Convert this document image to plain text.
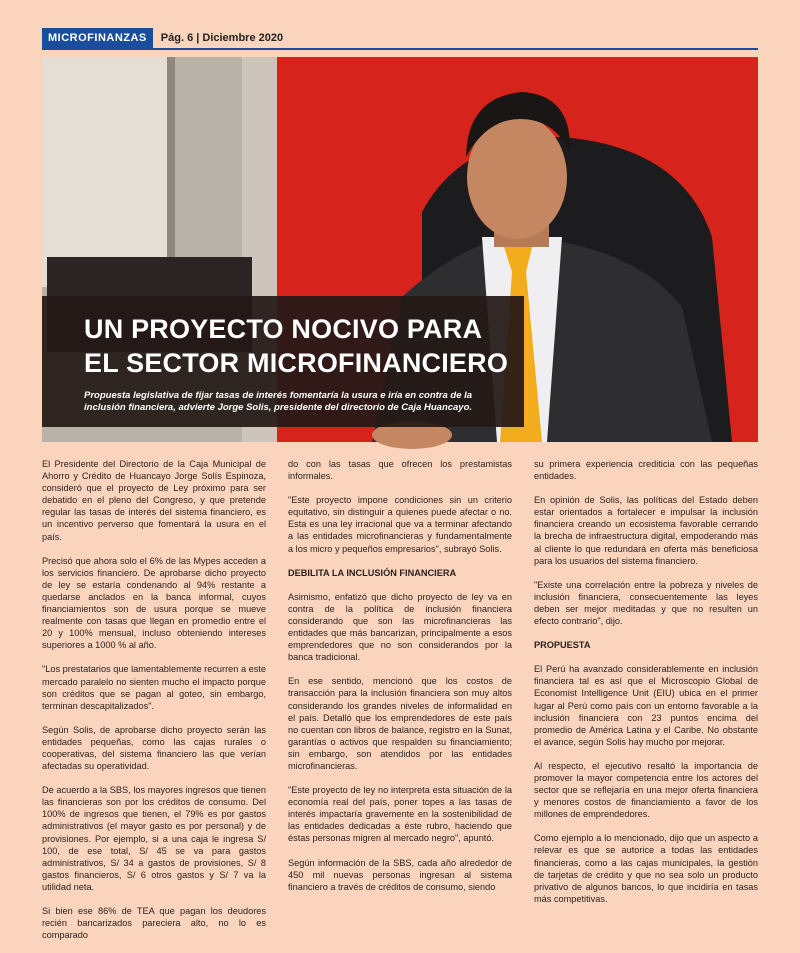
MICROFINANZAS	Pág. 6 | Diciembre 2020
UN PROYECTO NOCIVO PARA
EL SECTOR MICROFINANCIERO
Propuesta legislativa de fijar tasas de interés fomentaría la usura e iría en contra de la inclusión financiera, advierte Jorge Solis, presidente del directorio de Caja Huancayo.

El Presidente del Directorio de la Caja Municipal de Ahorro y Crédito de Huancayo Jorge Solís Espinoza, consideró que el proyecto de Ley próximo para ser debatido en el pleno del Congreso, y que pretende regular las tasas de interés del sistema financiero, es un incentivo perverso que fomentará la usura en el país.

Precisó que ahora solo el 6% de las Mypes acceden a los servicios financiero. De aprobarse dicho proyecto de ley se estaría condenando al 94% restante a quedarse anclados en la banca informal, cuyos financiamientos son de usura porque se mueve realmente con tasas que llegan en promedio entre el 20 y 100% mensual, incluso obteniendo intereses superiores a 1000 % al año.

"Los prestatarios que lamentablemente recurren a este mercado paralelo no sienten mucho el impacto porque son créditos que se pagan al goteo, sin embargo, terminan descapitalizados".

Según Solis, de aprobarse dicho proyecto serán las entidades pequeñas, como las cajas rurales o cooperativas, del sistema financiero las que verían afectadas su operatividad.

De acuerdo a la SBS, los mayores ingresos que tienen las financieras son por los créditos de consumo. Del 100% de ingresos que tienen, el 79% es por gastos administrativos (el mayor gasto es por personal) y de provisiones. Por ejemplo, si a una caja le ingresa S/ 100, de ese total, S/ 45 se va para gastos administrativos, S/ 34 a gastos de provisiones, S/ 8 gastos financieros, S/ 6 otros gastos y S/ 7 va la utilidad neta.

Si bien ese 86% de TEA que pagan los deudores recién bancarizados pareciera alto, no lo es comparado

do con las tasas que ofrecen los prestamistas informales.

"Este proyecto impone condiciones sin un criterio equitativo, sin distinguir a quienes puede afectar o no. Esta es una ley irracional que va a terminar afectando a las entidades microfinancieras y fundamentalmente a los micro y pequeños empresarios", subrayó Solis.

DEBILITA LA INCLUSIÓN FINANCIERA

Asimismo, enfatizó que dicho proyecto de ley va en contra de la política de inclusión financiera considerando que son las microfinancieras las entidades que más bancarizan, principalmente a esos emprendedores que no son considerandos por la banca tradicional.

En ese sentido, mencionó que los costos de transacción para la inclusión financiera son muy altos considerando los grandes niveles de informalidad en el país. Detalló que los emprendedores de este país no cuentan con libros de balance, registro en la Sunat, garantías o activos que respalden su financiamiento; sin embargo, son atendidos por las entidades microfinancieras.

"Este proyecto de ley no interpreta esta situación de la economía real del país, poner topes a las tasas de interés impactaría gravemente en la sostenibilidad de las entidades dedicadas a éste rubro, haciendo que éstas personas migren al mercado negro", apuntó.

Según información de la SBS, cada año alrededor de 450 mil nuevas personas ingresan al sistema financiero a través de créditos de consumo, siendo

su primera experiencia crediticia con las pequeñas entidades.

En opinión de Solis, las políticas del Estado deben estar orientados a fortalecer e impulsar la inclusión financiera creando un ecosistema favorable cerrando la brecha de infraestructura digital, empoderando más al cliente lo que redundará en oferta más beneficiosa para los usuarios del sistema financiero.

"Existe una correlación entre la pobreza y niveles de inclusión financiera, consecuentemente las leyes deben ser mejor meditadas y que no resulten un efecto contrario", dijo.

PROPUESTA

El Perú ha avanzado considerablemente en inclusión financiera tal es así que el Microscopio Global de Economist Intelligence Unit (EIU) ubica en el primer lugar al Perú como país con un entorno favorable a la inclusión financiera con 23 puntos encima del promedio de América Latina y el Caribe. No obstante el avance, según Solis hay mucho por mejorar.

Al respecto, el ejecutivo resaltó la importancia de promover la mayor competencia entre los actores del sector que se reflejaría en una mejor oferta financiera y menores costos de financiamiento a favor de los millones de emprendedores.

Como ejemplo a lo mencionado, dijo que un aspecto a relevar es que se autorice a todas las entidades financieras, como a las cajas municipales, la gestión de tarjetas de crédito y que no sea solo un producto privativo de algunos bancos, lo que incidiría en tasas más competitivas.
